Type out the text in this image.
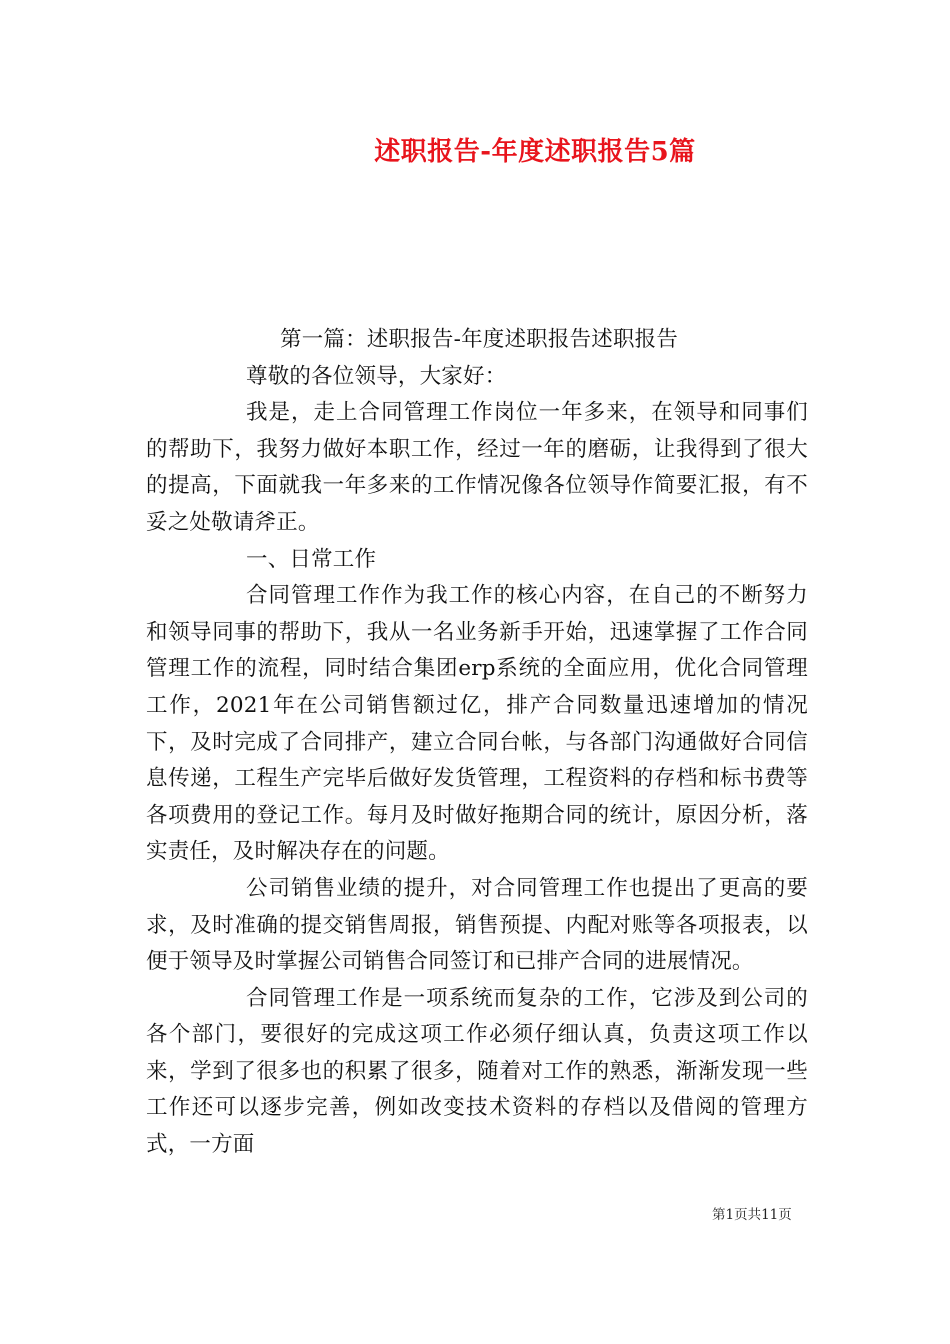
述职报告-年度述职报告5篇

第一篇：述职报告-年度述职报告述职报告

尊敬的各位领导，大家好：

我是，走上合同管理工作岗位一年多来，在领导和同事们的帮助下，我努力做好本职工作，经过一年的磨砺，让我得到了很大的提高，下面就我一年多来的工作情况像各位领导作简要汇报，有不妥之处敬请斧正。

一、日常工作

合同管理工作作为我工作的核心内容，在自己的不断努力和领导同事的帮助下，我从一名业务新手开始，迅速掌握了工作合同管理工作的流程，同时结合集团erp系统的全面应用，优化合同管理工作，2021年在公司销售额过亿，排产合同数量迅速增加的情况下，及时完成了合同排产，建立合同台帐，与各部门沟通做好合同信息传递，工程生产完毕后做好发货管理，工程资料的存档和标书费等各项费用的登记工作。每月及时做好拖期合同的统计，原因分析，落实责任，及时解决存在的问题。

公司销售业绩的提升，对合同管理工作也提出了更高的要求，及时准确的提交销售周报，销售预提、内配对账等各项报表，以便于领导及时掌握公司销售合同签订和已排产合同的进展情况。

合同管理工作是一项系统而复杂的工作，它涉及到公司的各个部门，要很好的完成这项工作必须仔细认真，负责这项工作以来，学到了很多也的积累了很多，随着对工作的熟悉，渐渐发现一些工作还可以逐步完善，例如改变技术资料的存档以及借阅的管理方式，一方面

第1页共11页
